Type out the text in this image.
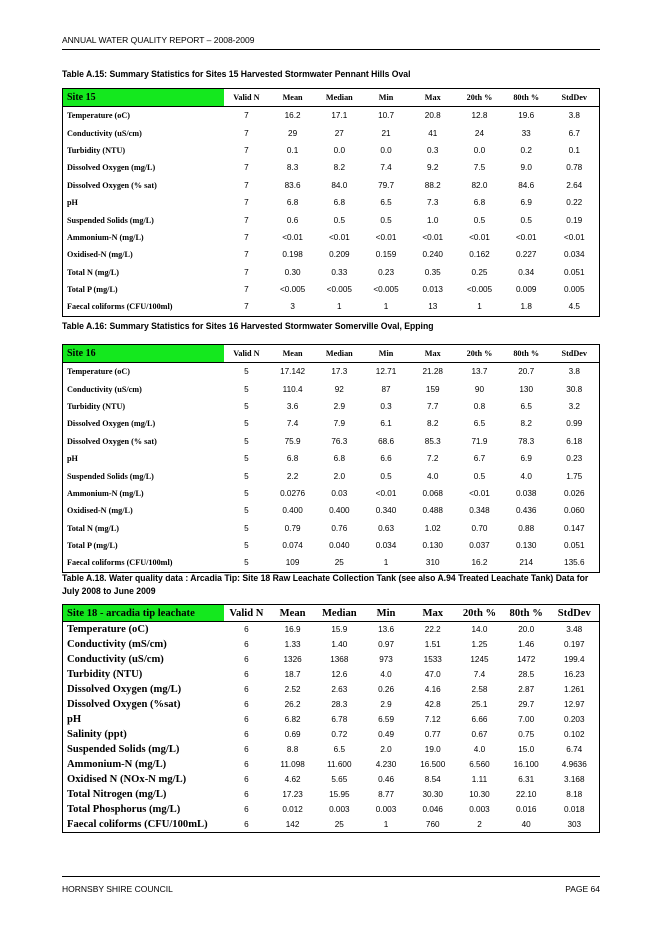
ANNUAL WATER QUALITY REPORT – 2008-2009
Table A.15: Summary Statistics for Sites 15 Harvested Stormwater Pennant Hills Oval
Site 15	Valid N	Mean	Median	Min	Max	20th %	80th %	StdDev
Temperature (oC)	7	16.2	17.1	10.7	20.8	12.8	19.6	3.8
Conductivity (uS/cm)	7	29	27	21	41	24	33	6.7
Turbidity (NTU)	7	0.1	0.0	0.0	0.3	0.0	0.2	0.1
Dissolved Oxygen (mg/L)	7	8.3	8.2	7.4	9.2	7.5	9.0	0.78
Dissolved Oxygen (% sat)	7	83.6	84.0	79.7	88.2	82.0	84.6	2.64
pH	7	6.8	6.8	6.5	7.3	6.8	6.9	0.22
Suspended Solids (mg/L)	7	0.6	0.5	0.5	1.0	0.5	0.5	0.19
Ammonium-N (mg/L)	7	<0.01	<0.01	<0.01	<0.01	<0.01	<0.01	<0.01
Oxidised-N (mg/L)	7	0.198	0.209	0.159	0.240	0.162	0.227	0.034
Total N (mg/L)	7	0.30	0.33	0.23	0.35	0.25	0.34	0.051
Total P (mg/L)	7	<0.005	<0.005	<0.005	0.013	<0.005	0.009	0.005
Faecal coliforms (CFU/100ml)	7	3	1	1	13	1	1.8	4.5
Table A.16: Summary Statistics for Sites 16 Harvested Stormwater Somerville Oval, Epping
Site 16	Valid N	Mean	Median	Min	Max	20th %	80th %	StdDev
Temperature (oC)	5	17.142	17.3	12.71	21.28	13.7	20.7	3.8
Conductivity (uS/cm)	5	110.4	92	87	159	90	130	30.8
Turbidity (NTU)	5	3.6	2.9	0.3	7.7	0.8	6.5	3.2
Dissolved Oxygen (mg/L)	5	7.4	7.9	6.1	8.2	6.5	8.2	0.99
Dissolved Oxygen (% sat)	5	75.9	76.3	68.6	85.3	71.9	78.3	6.18
pH	5	6.8	6.8	6.6	7.2	6.7	6.9	0.23
Suspended Solids (mg/L)	5	2.2	2.0	0.5	4.0	0.5	4.0	1.75
Ammonium-N (mg/L)	5	0.0276	0.03	<0.01	0.068	<0.01	0.038	0.026
Oxidised-N (mg/L)	5	0.400	0.400	0.340	0.488	0.348	0.436	0.060
Total N (mg/L)	5	0.79	0.76	0.63	1.02	0.70	0.88	0.147
Total P (mg/L)	5	0.074	0.040	0.034	0.130	0.037	0.130	0.051
Faecal coliforms (CFU/100ml)	5	109	25	1	310	16.2	214	135.6
Table A.18. Water quality data : Arcadia Tip: Site 18 Raw Leachate Collection Tank (see also A.94 Treated Leachate Tank) Data for July 2008 to June 2009
Site 18 - arcadia tip leachate	Valid N	Mean	Median	Min	Max	20th %	80th %	StdDev
Temperature (oC)	6	16.9	15.9	13.6	22.2	14.0	20.0	3.48
Conductivity (mS/cm)	6	1.33	1.40	0.97	1.51	1.25	1.46	0.197
Conductivity (uS/cm)	6	1326	1368	973	1533	1245	1472	199.4
Turbidity (NTU)	6	18.7	12.6	4.0	47.0	7.4	28.5	16.23
Dissolved Oxygen (mg/L)	6	2.52	2.63	0.26	4.16	2.58	2.87	1.261
Dissolved Oxygen (%sat)	6	26.2	28.3	2.9	42.8	25.1	29.7	12.97
pH	6	6.82	6.78	6.59	7.12	6.66	7.00	0.203
Salinity (ppt)	6	0.69	0.72	0.49	0.77	0.67	0.75	0.102
Suspended Solids (mg/L)	6	8.8	6.5	2.0	19.0	4.0	15.0	6.74
Ammonium-N (mg/L)	6	11.098	11.600	4.230	16.500	6.560	16.100	4.9636
Oxidised N (NOx-N mg/L)	6	4.62	5.65	0.46	8.54	1.11	6.31	3.168
Total Nitrogen (mg/L)	6	17.23	15.95	8.77	30.30	10.30	22.10	8.18
Total Phosphorus (mg/L)	6	0.012	0.003	0.003	0.046	0.003	0.016	0.018
Faecal coliforms (CFU/100mL)	6	142	25	1	760	2	40	303
HORNSBY SHIRE COUNCIL	PAGE 64
